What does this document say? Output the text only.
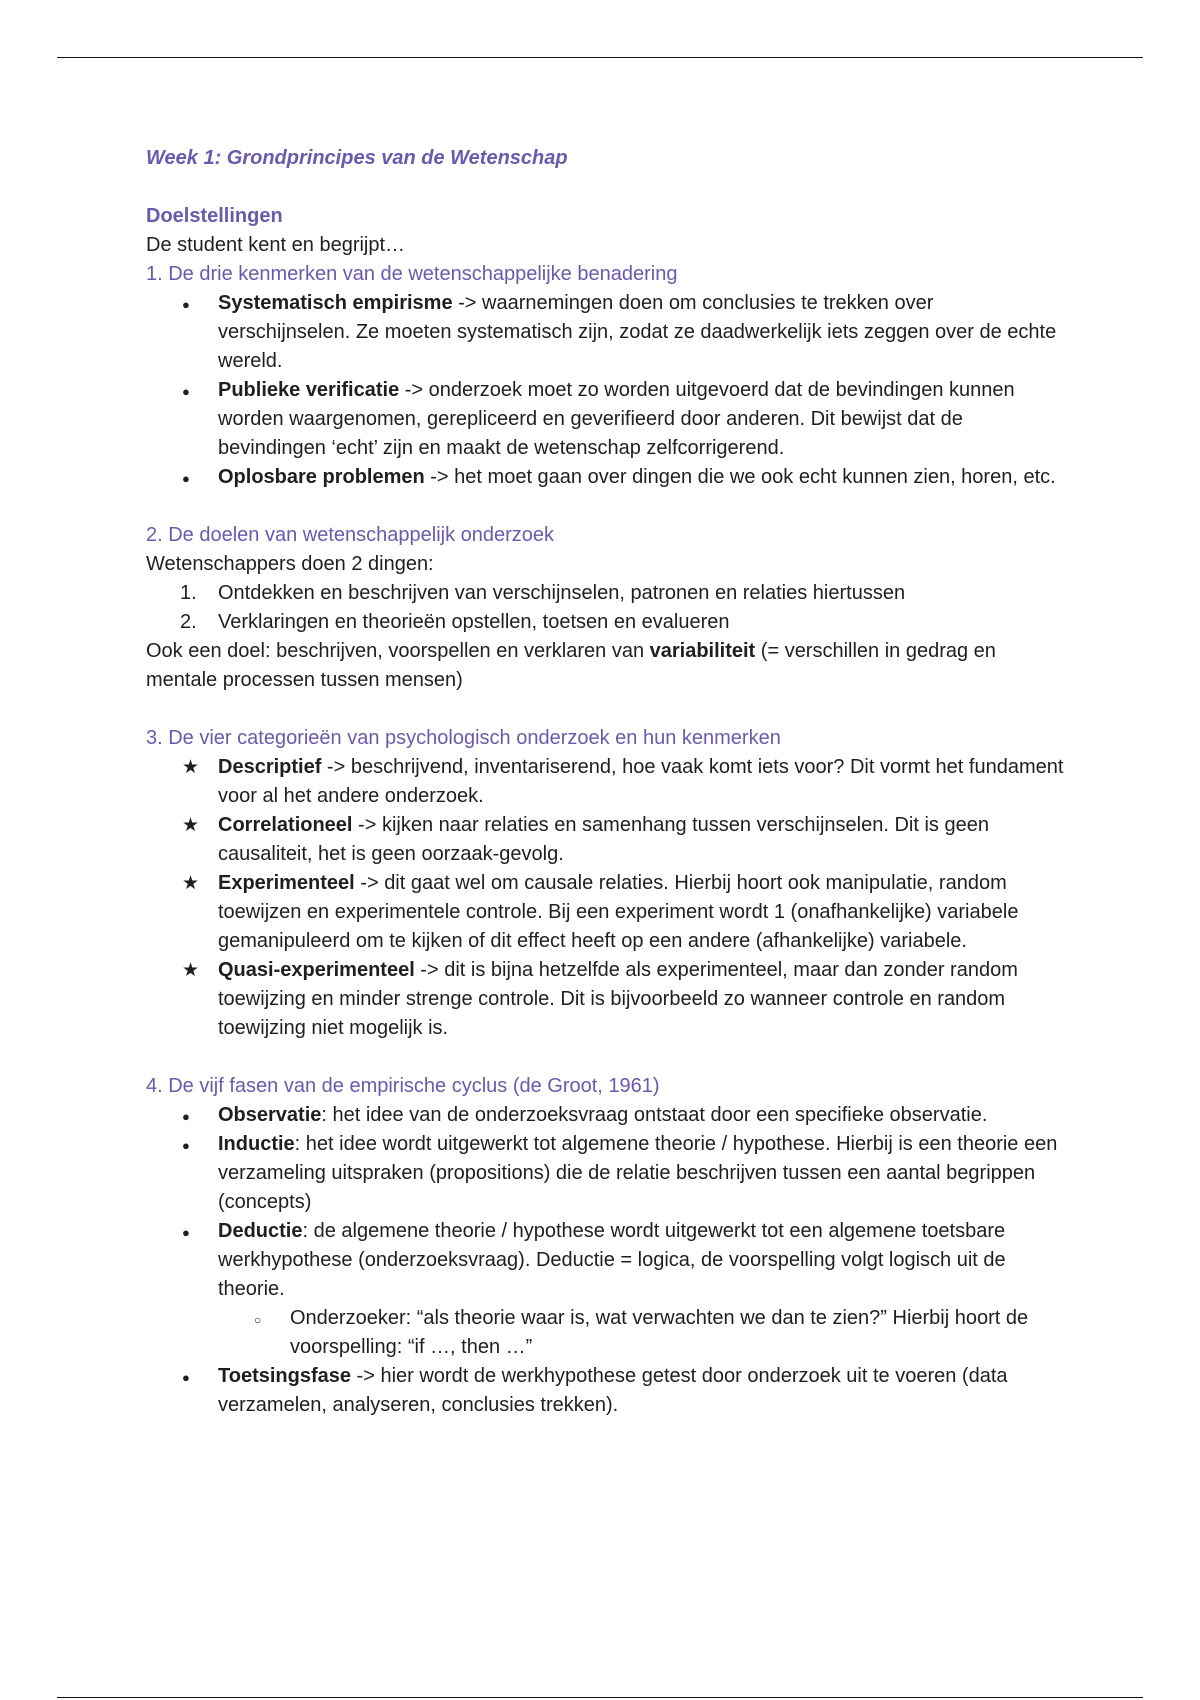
Week 1: Grondprincipes van de Wetenschap
Doelstellingen
De student kent en begrijpt…
1. De drie kenmerken van de wetenschappelijke benadering
●
Systematisch empirisme -> waarnemingen doen om conclusies te trekken over verschijnselen. Ze moeten systematisch zijn, zodat ze daadwerkelijk iets zeggen over de echte wereld.
●
Publieke verificatie -> onderzoek moet zo worden uitgevoerd dat de bevindingen kunnen worden waargenomen, gerepliceerd en geverifieerd door anderen. Dit bewijst dat de bevindingen ‘echt’ zijn en maakt de wetenschap zelfcorrigerend.
●
Oplosbare problemen -> het moet gaan over dingen die we ook echt kunnen zien, horen, etc.
2. De doelen van wetenschappelijk onderzoek
Wetenschappers doen 2 dingen:
1.	Ontdekken en beschrijven van verschijnselen, patronen en relaties hiertussen
2.	Verklaringen en theorieën opstellen, toetsen en evalueren
Ook een doel: beschrijven, voorspellen en verklaren van variabiliteit (= verschillen in gedrag en mentale processen tussen mensen)
3. De vier categorieën van psychologisch onderzoek en hun kenmerken
★
Descriptief -> beschrijvend, inventariserend, hoe vaak komt iets voor? Dit vormt het fundament voor al het andere onderzoek.
★
Correlationeel -> kijken naar relaties en samenhang tussen verschijnselen. Dit is geen causaliteit, het is geen oorzaak-gevolg.
★
Experimenteel -> dit gaat wel om causale relaties. Hierbij hoort ook manipulatie, random toewijzen en experimentele controle. Bij een experiment wordt 1 (onafhankelijke) variabele gemanipuleerd om te kijken of dit effect heeft op een andere (afhankelijke) variabele.
★
Quasi-experimenteel -> dit is bijna hetzelfde als experimenteel, maar dan zonder random toewijzing en minder strenge controle. Dit is bijvoorbeeld zo wanneer controle en random toewijzing niet mogelijk is.
4. De vijf fasen van de empirische cyclus (de Groot, 1961)
●
Observatie: het idee van de onderzoeksvraag ontstaat door een specifieke observatie.
●
Inductie: het idee wordt uitgewerkt tot algemene theorie / hypothese. Hierbij is een theorie een verzameling uitspraken (propositions) die de relatie beschrijven tussen een aantal begrippen (concepts)
●
Deductie: de algemene theorie / hypothese wordt uitgewerkt tot een algemene toetsbare werkhypothese (onderzoeksvraag). Deductie = logica, de voorspelling volgt logisch uit de theorie.
○
Onderzoeker: “als theorie waar is, wat verwachten we dan te zien?” Hierbij hoort de voorspelling: “if …, then …”
●
Toetsingsfase -> hier wordt de werkhypothese getest door onderzoek uit te voeren (data verzamelen, analyseren, conclusies trekken).
